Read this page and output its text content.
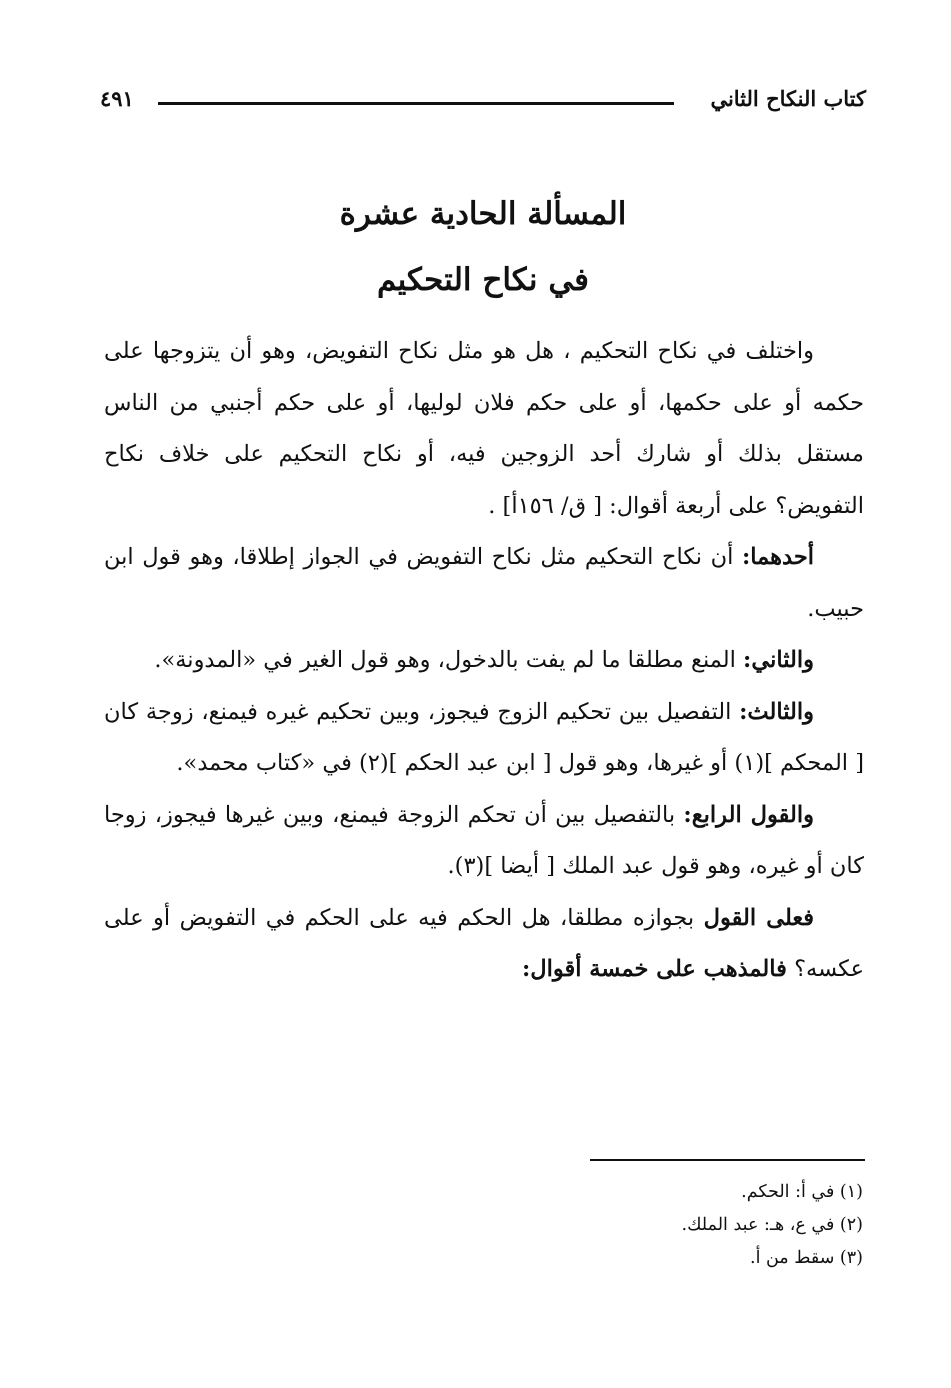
كتاب النكاح الثاني
٤٩١
المسألة الحادية عشرة
في نكاح التحكيم

واختلف في نكاح التحكيم ، هل هو مثل نكاح التفويض، وهو أن يتزوجها على حكمه أو على حكمها، أو على حكم فلان لوليها، أو على حكم أجنبي من الناس مستقل بذلك أو شارك أحد الزوجين فيه، أو نكاح التحكيم على خلاف نكاح التفويض؟ على أربعة أقوال: [ ق/ ١٥٦أ] .

أحدهما: أن نكاح التحكيم مثل نكاح التفويض في الجواز إطلاقا، وهو قول ابن حبيب.

والثاني: المنع مطلقا ما لم يفت بالدخول، وهو قول الغير في «المدونة».

والثالث: التفصيل بين تحكيم الزوج فيجوز، وبين تحكيم غيره فيمنع، زوجة كان [ المحكم ](١) أو غيرها، وهو قول [ ابن عبد الحكم ](٢) في «كتاب محمد».

والقول الرابع: بالتفصيل بين أن تحكم الزوجة فيمنع، وبين غيرها فيجوز، زوجا كان أو غيره، وهو قول عبد الملك [ أيضا ](٣).

فعلى القول بجوازه مطلقا، هل الحكم فيه على الحكم في التفويض أو على عكسه؟ فالمذهب على خمسة أقوال:

(١) في أ: الحكم.
(٢) في ع، هـ: عبد الملك.
(٣) سقط من أ.
